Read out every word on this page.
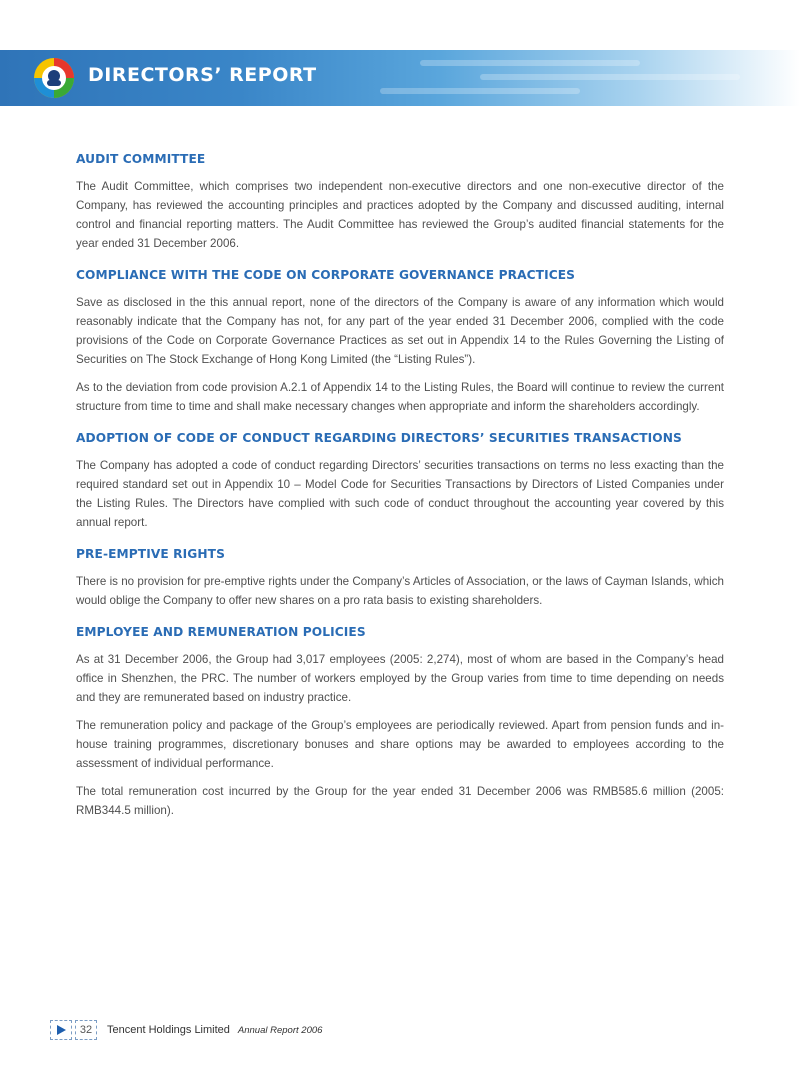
DIRECTORS’ REPORT
AUDIT COMMITTEE

The Audit Committee, which comprises two independent non-executive directors and one non-executive director of the Company, has reviewed the accounting principles and practices adopted by the Company and discussed auditing, internal control and financial reporting matters. The Audit Committee has reviewed the Group’s audited financial statements for the year ended 31 December 2006.

COMPLIANCE WITH THE CODE ON CORPORATE GOVERNANCE PRACTICES

Save as disclosed in the this annual report, none of the directors of the Company is aware of any information which would reasonably indicate that the Company has not, for any part of the year ended 31 December 2006, complied with the code provisions of the Code on Corporate Governance Practices as set out in Appendix 14 to the Rules Governing the Listing of Securities on The Stock Exchange of Hong Kong Limited (the “Listing Rules”).

As to the deviation from code provision A.2.1 of Appendix 14 to the Listing Rules, the Board will continue to review the current structure from time to time and shall make necessary changes when appropriate and inform the shareholders accordingly.

ADOPTION OF CODE OF CONDUCT REGARDING DIRECTORS’ SECURITIES TRANSACTIONS

The Company has adopted a code of conduct regarding Directors’ securities transactions on terms no less exacting than the required standard set out in Appendix 10 – Model Code for Securities Transactions by Directors of Listed Companies under the Listing Rules. The Directors have complied with such code of conduct throughout the accounting year covered by this annual report.

PRE-EMPTIVE RIGHTS

There is no provision for pre-emptive rights under the Company’s Articles of Association, or the laws of Cayman Islands, which would oblige the Company to offer new shares on a pro rata basis to existing shareholders.

EMPLOYEE AND REMUNERATION POLICIES

As at 31 December 2006, the Group had 3,017 employees (2005: 2,274), most of whom are based in the Company’s head office in Shenzhen, the PRC. The number of workers employed by the Group varies from time to time depending on needs and they are remunerated based on industry practice.

The remuneration policy and package of the Group’s employees are periodically reviewed. Apart from pension funds and in-house training programmes, discretionary bonuses and share options may be awarded to employees according to the assessment of individual performance.

The total remuneration cost incurred by the Group for the year ended 31 December 2006 was RMB585.6 million (2005: RMB344.5 million).

32	Tencent Holdings Limited Annual Report 2006
